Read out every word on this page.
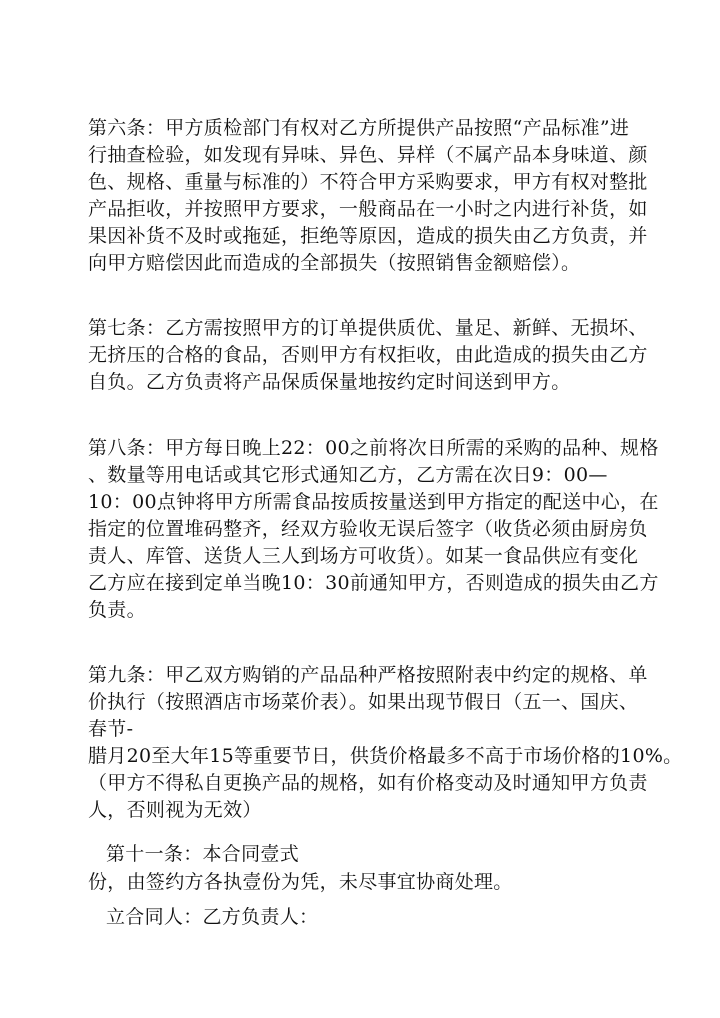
第六条：甲方质检部门有权对乙方所提供产品按照“产品标准”进
行抽查检验，如发现有异味、异色、异样（不属产品本身味道、颜
色、规格、重量与标准的）不符合甲方采购要求，甲方有权对整批
产品拒收，并按照甲方要求，一般商品在一小时之内进行补货，如
果因补货不及时或拖延，拒绝等原因，造成的损失由乙方负责，并
向甲方赔偿因此而造成的全部损失（按照销售金额赔偿）。
第七条：乙方需按照甲方的订单提供质优、量足、新鲜、无损坏、
无挤压的合格的食品，否则甲方有权拒收，由此造成的损失由乙方
自负。乙方负责将产品保质保量地按约定时间送到甲方。
第八条：甲方每日晚上22：00之前将次日所需的采购的品种、规格
、数量等用电话或其它形式通知乙方，乙方需在次日9：00—
10：00点钟将甲方所需食品按质按量送到甲方指定的配送中心，在
指定的位置堆码整齐，经双方验收无误后签字（收货必须由厨房负
责人、库管、送货人三人到场方可收货）。如某一食品供应有变化
乙方应在接到定单当晚10：30前通知甲方，否则造成的损失由乙方
负责。
第九条：甲乙双方购销的产品品种严格按照附表中约定的规格、单
价执行（按照酒店市场菜价表）。如果出现节假日（五一、国庆、
春节-
腊月20至大年15等重要节日，供货价格最多不高于市场价格的10%。
（甲方不得私自更换产品的规格，如有价格变动及时通知甲方负责
人，否则视为无效）
第十一条：本合同壹式
份，由签约方各执壹份为凭，未尽事宜协商处理。
立合同人：乙方负责人：
